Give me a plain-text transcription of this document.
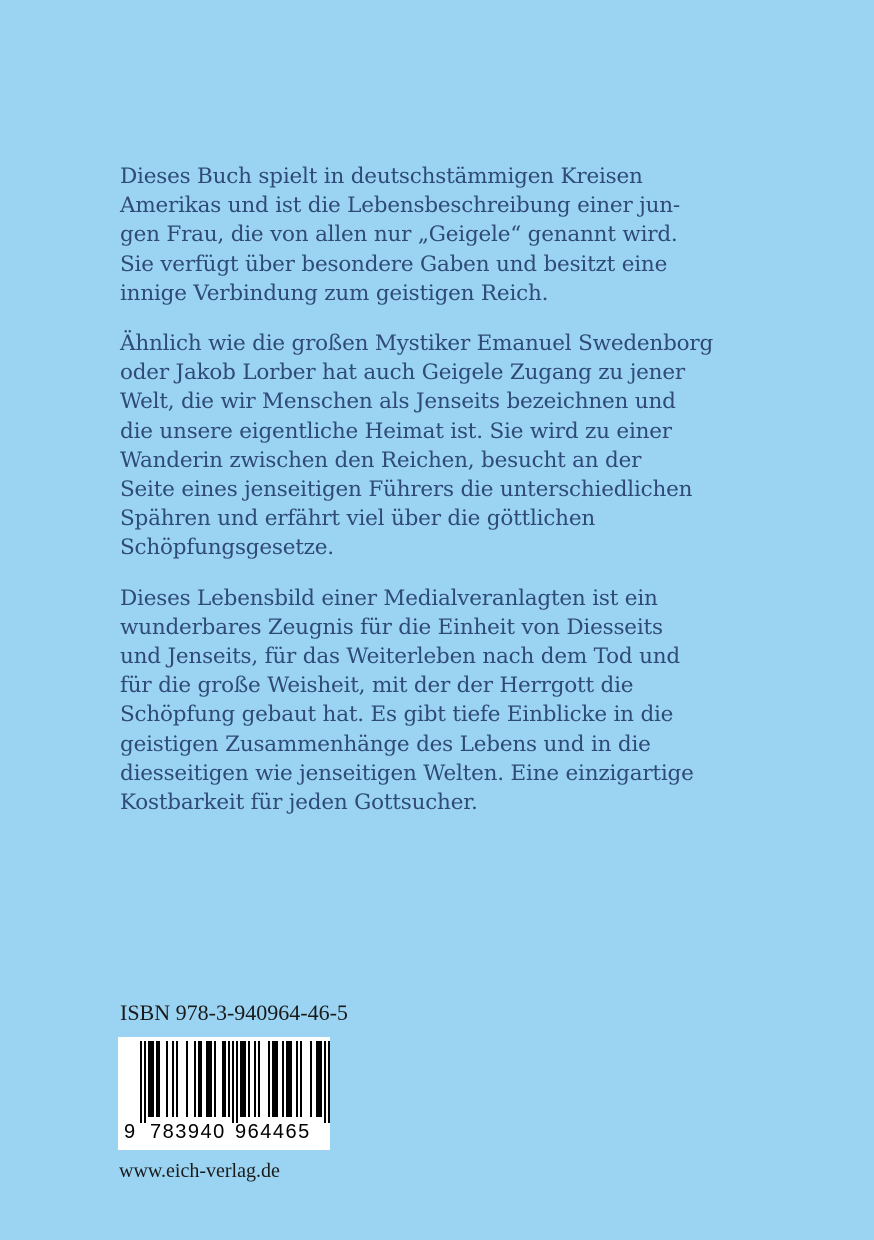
Dieses Buch spielt in deutschstämmigen Kreisen
Amerikas und ist die Lebensbeschreibung einer jun-
gen Frau, die von allen nur „Geigele“ genannt wird.
Sie verfügt über besondere Gaben und besitzt eine
innige Verbindung zum geistigen Reich.
Ähnlich wie die großen Mystiker Emanuel Swedenborg
oder Jakob Lorber hat auch Geigele Zugang zu jener
Welt, die wir Menschen als Jenseits bezeichnen und
die unsere eigentliche Heimat ist. Sie wird zu einer
Wanderin zwischen den Reichen, besucht an der
Seite eines jenseitigen Führers die unterschiedlichen
Spähren und erfährt viel über die göttlichen
Schöpfungsgesetze.
Dieses Lebensbild einer Medialveranlagten ist ein
wunderbares Zeugnis für die Einheit von Diesseits
und Jenseits, für das Weiterleben nach dem Tod und
für die große Weisheit, mit der der Herrgott die
Schöpfung gebaut hat. Es gibt tiefe Einblicke in die
geistigen Zusammenhänge des Lebens und in die
diesseitigen wie jenseitigen Welten. Eine einzigartige
Kostbarkeit für jeden Gottsucher.
ISBN 978-3-940964-46-5
9 783940 964465
www.eich-verlag.de
